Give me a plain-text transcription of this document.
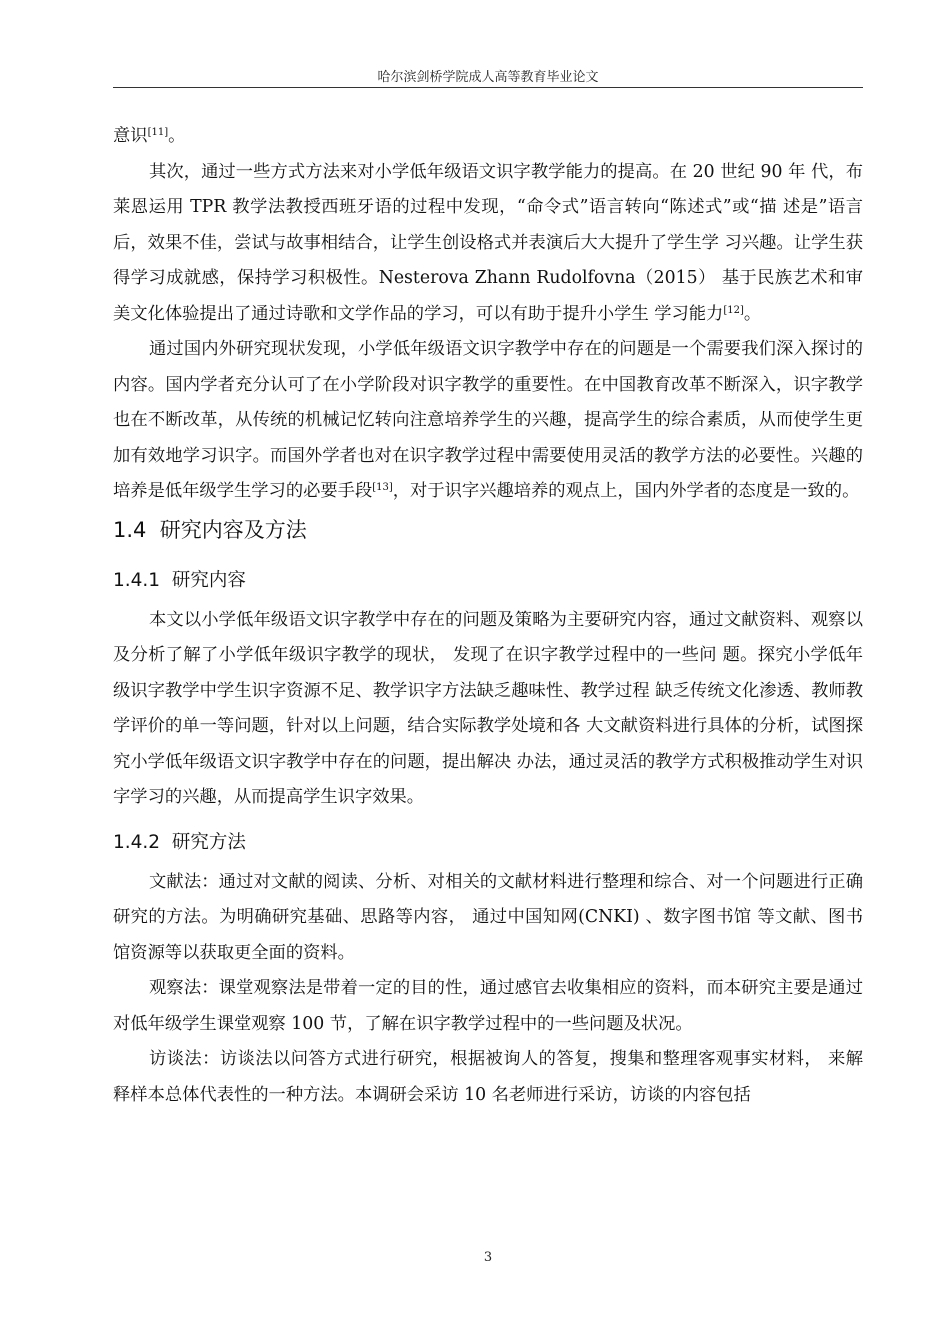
哈尔滨剑桥学院成人高等教育毕业论文

意识[11]。

其次，通过一些方式方法来对小学低年级语文识字教学能力的提高。在 20 世纪 90 年 代，布莱恩运用 TPR 教学法教授西班牙语的过程中发现，“命令式”语言转向“陈述式”或“描 述是”语言后，效果不佳，尝试与故事相结合，让学生创设格式并表演后大大提升了学生学 习兴趣。让学生获得学习成就感，保持学习积极性。Nesterova Zhann Rudolfovna（2015） 基于民族艺术和审美文化体验提出了通过诗歌和文学作品的学习，可以有助于提升小学生 学习能力[12]。

通过国内外研究现状发现，小学低年级语文识字教学中存在的问题是一个需要我们深入探讨的内容。国内学者充分认可了在小学阶段对识字教学的重要性。在中国教育改革不断深入，识字教学也在不断改革，从传统的机械记忆转向注意培养学生的兴趣，提高学生的综合素质，从而使学生更加有效地学习识字。而国外学者也对在识字教学过程中需要使用灵活的教学方法的必要性。兴趣的培养是低年级学生学习的必要手段[13]，对于识字兴趣培养的观点上，国内外学者的态度是一致的。

1.4 研究内容及方法
1.4.1 研究内容

本文以小学低年级语文识字教学中存在的问题及策略为主要研究内容，通过文献资料、观察以及分析了解了小学低年级识字教学的现状， 发现了在识字教学过程中的一些问 题。探究小学低年级识字教学中学生识字资源不足、教学识字方法缺乏趣味性、教学过程 缺乏传统文化渗透、教师教学评价的单一等问题，针对以上问题，结合实际教学处境和各 大文献资料进行具体的分析，试图探究小学低年级语文识字教学中存在的问题，提出解决 办法，通过灵活的教学方式积极推动学生对识字学习的兴趣，从而提高学生识字效果。

1.4.2 研究方法

文献法：通过对文献的阅读、分析、对相关的文献材料进行整理和综合、对一个问题进行正确研究的方法。为明确研究基础、思路等内容， 通过中国知网(CNKI) 、数字图书馆 等文献、图书馆资源等以获取更全面的资料。

观察法：课堂观察法是带着一定的目的性，通过感官去收集相应的资料，而本研究主要是通过对低年级学生课堂观察 100 节，了解在识字教学过程中的一些问题及状况。

访谈法：访谈法以问答方式进行研究，根据被询人的答复，搜集和整理客观事实材料， 来解 释样本总体代表性的一种方法。本调研会采访 10 名老师进行采访，访谈的内容包括

3
